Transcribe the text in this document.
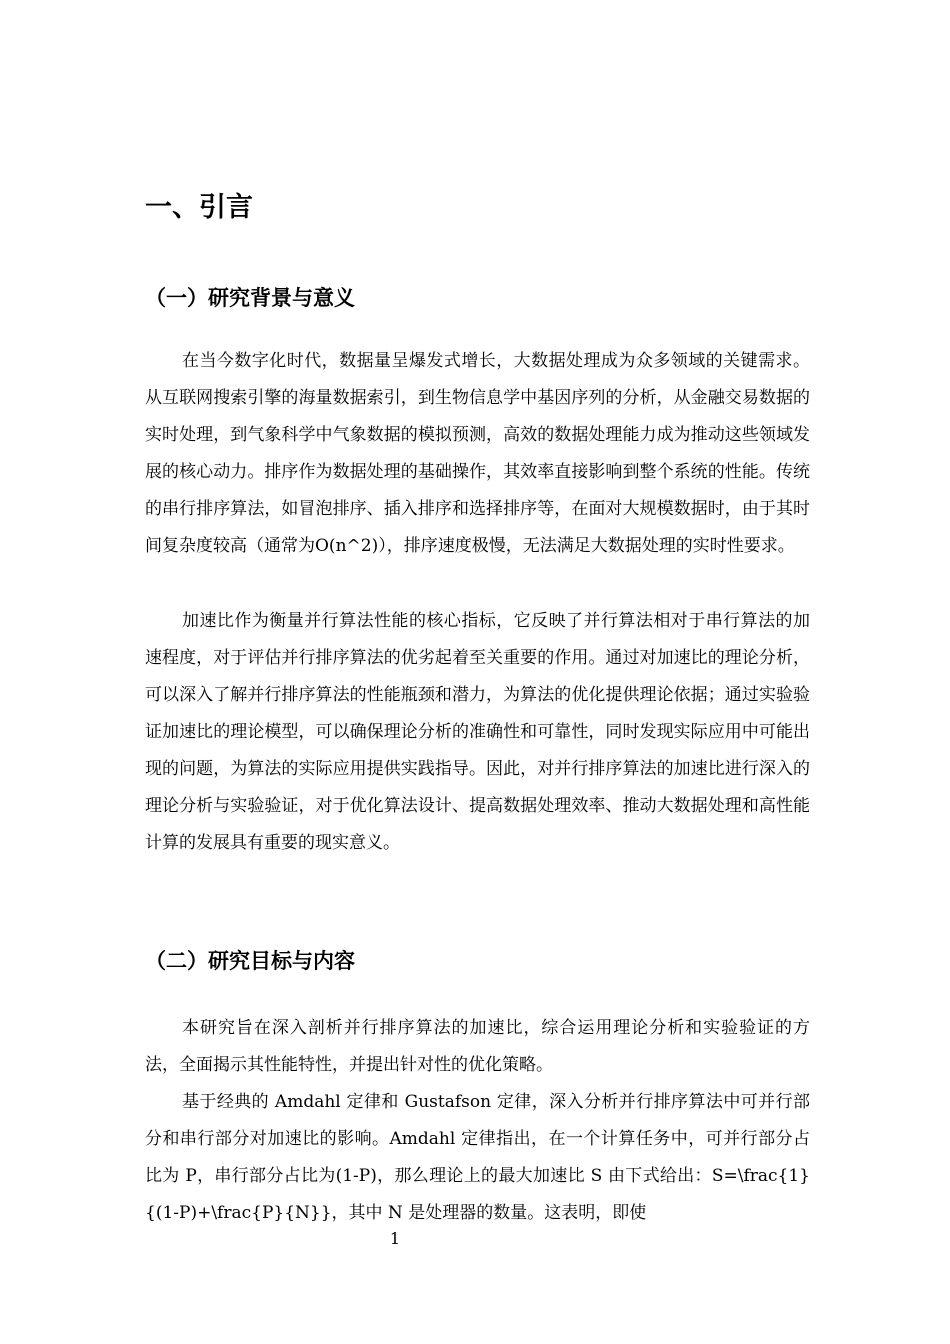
一、引言
（一）研究背景与意义

在当今数字化时代，数据量呈爆发式增长，大数据处理成为众多领域的关键需求。从互联网搜索引擎的海量数据索引，到生物信息学中基因序列的分析，从金融交易数据的实时处理，到气象科学中气象数据的模拟预测，高效的数据处理能力成为推动这些领域发展的核心动力。排序作为数据处理的基础操作，其效率直接影响到整个系统的性能。传统的串行排序算法，如冒泡排序、插入排序和选择排序等，在面对大规模数据时，由于其时间复杂度较高（通常为O(n^2)），排序速度极慢，无法满足大数据处理的实时性要求。

加速比作为衡量并行算法性能的核心指标，它反映了并行算法相对于串行算法的加速程度，对于评估并行排序算法的优劣起着至关重要的作用。通过对加速比的理论分析，可以深入了解并行排序算法的性能瓶颈和潜力，为算法的优化提供理论依据；通过实验验证加速比的理论模型，可以确保理论分析的准确性和可靠性，同时发现实际应用中可能出现的问题，为算法的实际应用提供实践指导。因此，对并行排序算法的加速比进行深入的理论分析与实验验证，对于优化算法设计、提高数据处理效率、推动大数据处理和高性能计算的发展具有重要的现实意义。

（二）研究目标与内容

本研究旨在深入剖析并行排序算法的加速比，综合运用理论分析和实验验证的方法，全面揭示其性能特性，并提出针对性的优化策略。

基于经典的 Amdahl 定律和 Gustafson 定律，深入分析并行排序算法中可并行部分和串行部分对加速比的影响。Amdahl 定律指出，在一个计算任务中，可并行部分占比为 P，串行部分占比为(1-P)，那么理论上的最大加速比 S 由下式给出：S=\frac{1}{(1-P)+\frac{P}{N}}，其中 N 是处理器的数量。这表明，即使

1
